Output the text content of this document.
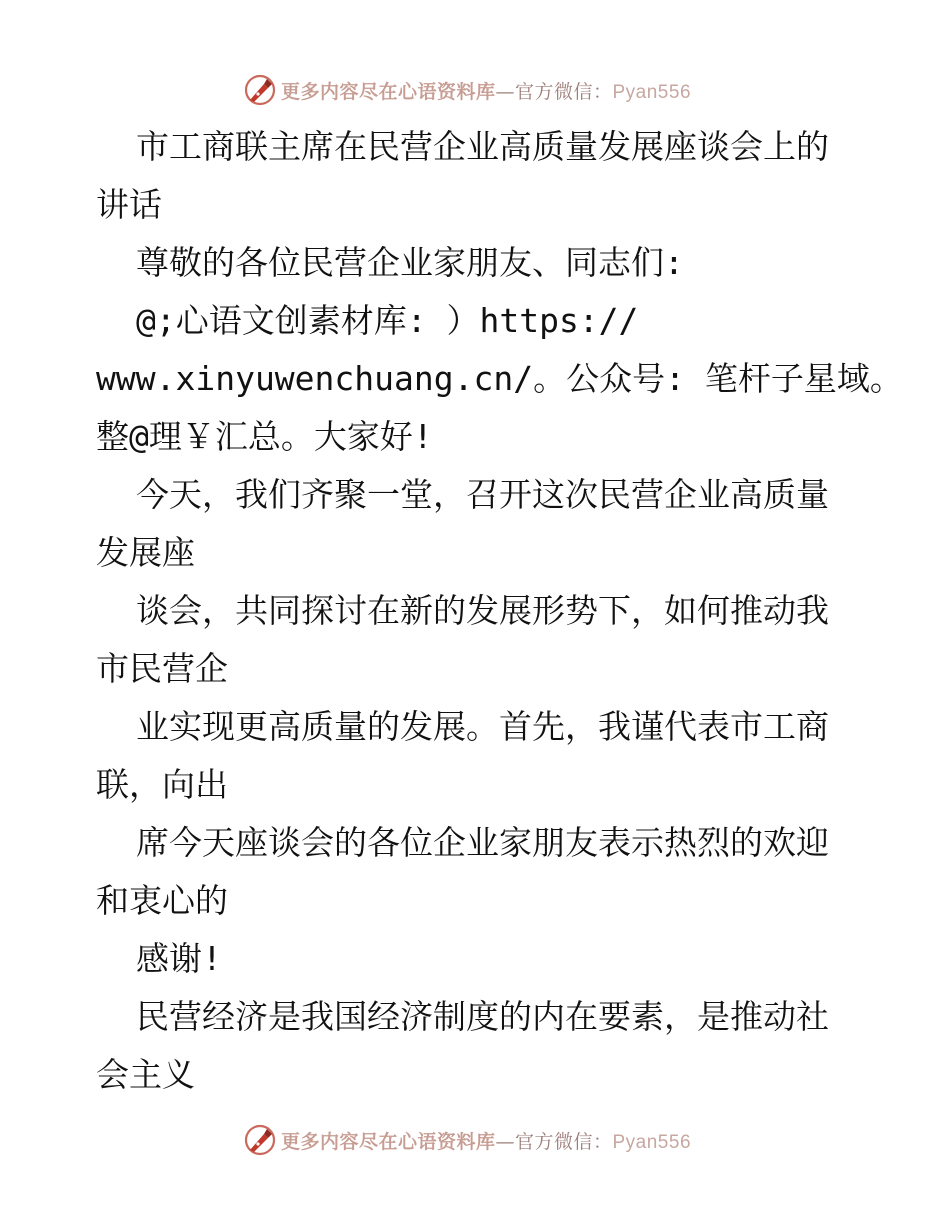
更多内容尽在心语资料库—官方微信：Pyan556
市工商联主席在民营企业高质量发展座谈会上的
讲话
尊敬的各位民营企业家朋友、同志们:
@;心语文创素材库: ）https://
www.xinyuwenchuang.cn/。公众号: 笔杆子星域。
整@理￥汇总。大家好!
今天，我们齐聚一堂，召开这次民营企业高质量
发展座
谈会，共同探讨在新的发展形势下，如何推动我
市民营企
业实现更高质量的发展。首先，我谨代表市工商
联，向出
席今天座谈会的各位企业家朋友表示热烈的欢迎
和衷心的
感谢!
民营经济是我国经济制度的内在要素，是推动社
会主义
更多内容尽在心语资料库—官方微信：Pyan556
